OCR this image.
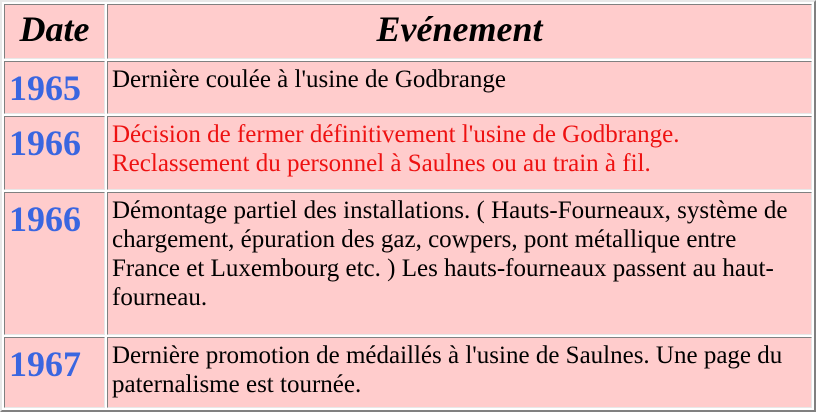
Date	Evénement
1965	Dernière coulée à l'usine de Godbrange
1966	Décision de fermer définitivement l'usine de Godbrange. Reclassement du personnel à Saulnes ou au train à fil.
1966	Démontage partiel des installations. ( Hauts-Fourneaux, système de chargement, épuration des gaz, cowpers, pont métallique entre France et Luxembourg etc. ) Les hauts-fourneaux passent au haut-fourneau.
1967	Dernière promotion de médaillés à l'usine de Saulnes. Une page du paternalisme est tournée.
